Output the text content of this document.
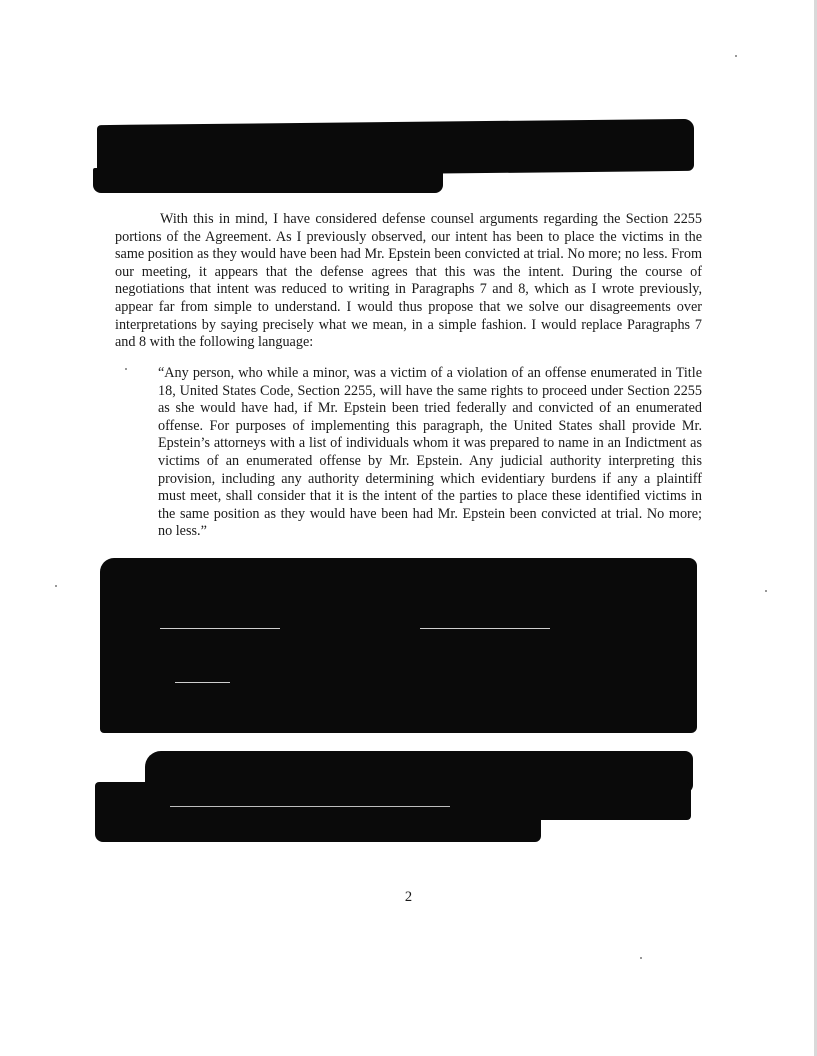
With this in mind, I have considered defense counsel arguments regarding the Section 2255 portions of the Agreement. As I previously observed, our intent has been to place the victims in the same position as they would have been had Mr. Epstein been convicted at trial. No more; no less. From our meeting, it appears that the defense agrees that this was the intent. During the course of negotiations that intent was reduced to writing in Paragraphs 7 and 8, which as I wrote previously, appear far from simple to understand. I would thus propose that we solve our disagreements over interpretations by saying precisely what we mean, in a simple fashion. I would replace Paragraphs 7 and 8 with the following language:

“Any person, who while a minor, was a victim of a violation of an offense enumerated in Title 18, United States Code, Section 2255, will have the same rights to proceed under Section 2255 as she would have had, if Mr. Epstein been tried federally and convicted of an enumerated offense. For purposes of implementing this paragraph, the United States shall provide Mr. Epstein’s attorneys with a list of individuals whom it was prepared to name in an Indictment as victims of an enumerated offense by Mr. Epstein. Any judicial authority interpreting this provision, including any authority determining which evidentiary burdens if any a plaintiff must meet, shall consider that it is the intent of the parties to place these identified victims in the same position as they would have been had Mr. Epstein been convicted at trial. No more; no less.”

2
